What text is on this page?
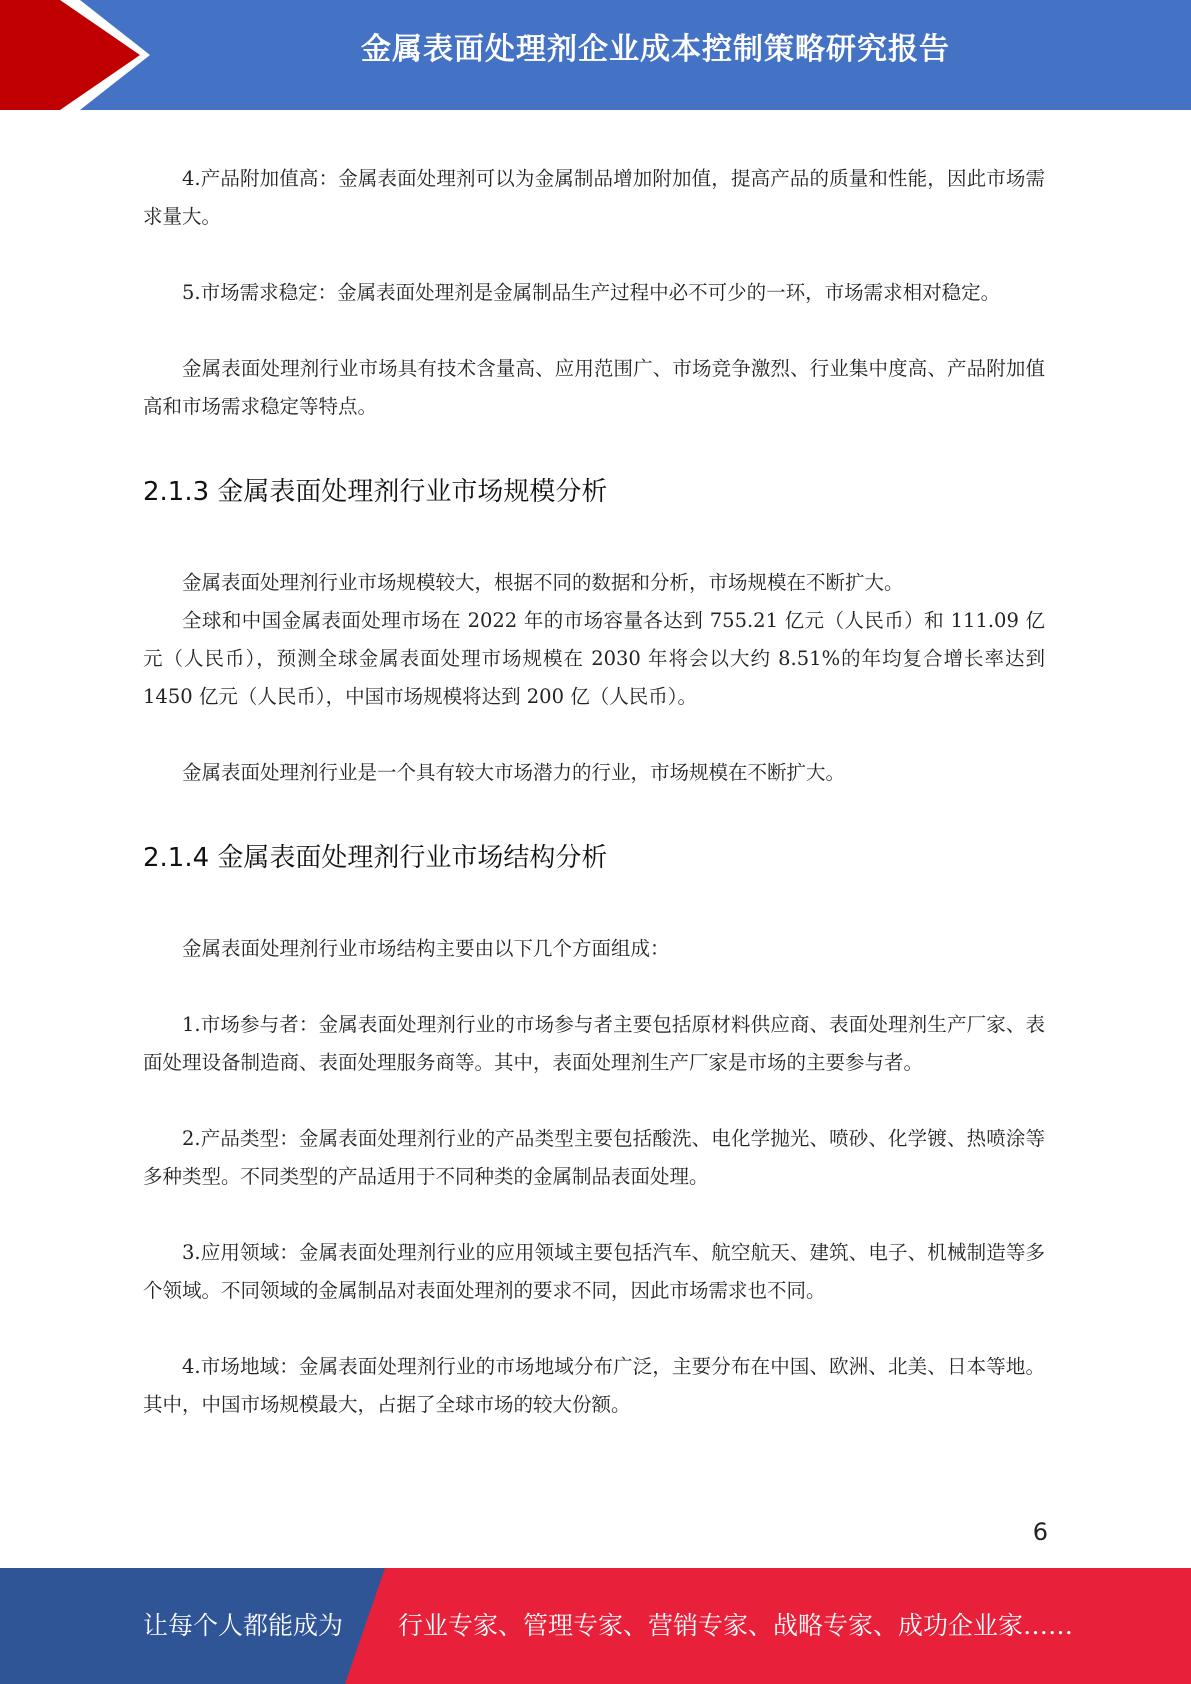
金属表面处理剂企业成本控制策略研究报告

4.产品附加值高：金属表面处理剂可以为金属制品增加附加值，提高产品的质量和性能，因此市场需求量大。

5.市场需求稳定：金属表面处理剂是金属制品生产过程中必不可少的一环，市场需求相对稳定。

金属表面处理剂行业市场具有技术含量高、应用范围广、市场竞争激烈、行业集中度高、产品附加值高和市场需求稳定等特点。

2.1.3 金属表面处理剂行业市场规模分析

金属表面处理剂行业市场规模较大，根据不同的数据和分析，市场规模在不断扩大。

全球和中国金属表面处理市场在 2022 年的市场容量各达到 755.21 亿元（人民币）和 111.09 亿元（人民币），预测全球金属表面处理市场规模在 2030 年将会以大约 8.51%的年均复合增长率达到 1450 亿元（人民币），中国市场规模将达到 200 亿（人民币）。

金属表面处理剂行业是一个具有较大市场潜力的行业，市场规模在不断扩大。

2.1.4 金属表面处理剂行业市场结构分析

金属表面处理剂行业市场结构主要由以下几个方面组成：

1.市场参与者：金属表面处理剂行业的市场参与者主要包括原材料供应商、表面处理剂生产厂家、表面处理设备制造商、表面处理服务商等。其中，表面处理剂生产厂家是市场的主要参与者。

2.产品类型：金属表面处理剂行业的产品类型主要包括酸洗、电化学抛光、喷砂、化学镀、热喷涂等多种类型。不同类型的产品适用于不同种类的金属制品表面处理。

3.应用领域：金属表面处理剂行业的应用领域主要包括汽车、航空航天、建筑、电子、机械制造等多个领域。不同领域的金属制品对表面处理剂的要求不同，因此市场需求也不同。

4.市场地域：金属表面处理剂行业的市场地域分布广泛，主要分布在中国、欧洲、北美、日本等地。其中，中国市场规模最大，占据了全球市场的较大份额。

6
让每个人都能成为 行业专家、管理专家、营销专家、战略专家、成功企业家……
